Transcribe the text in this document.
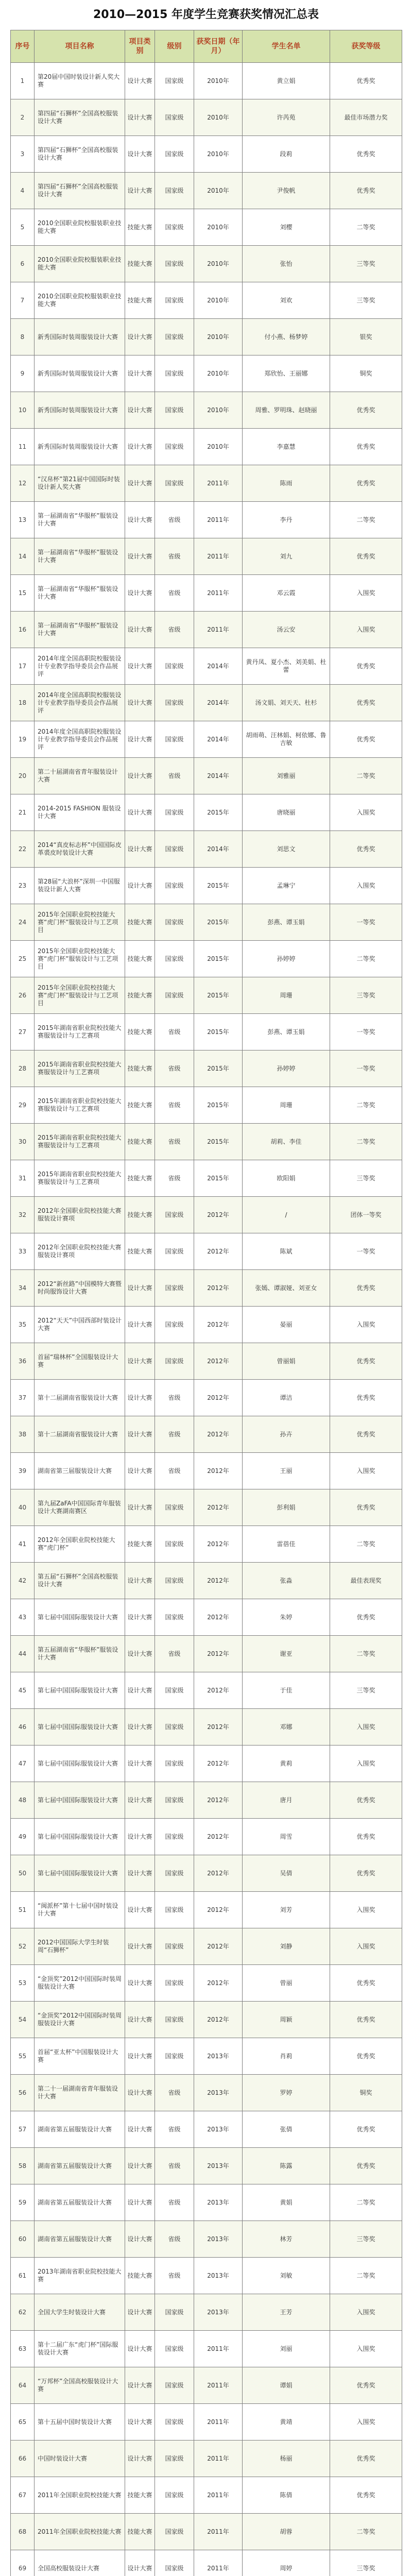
2010—2015 年度学生竞赛获奖情况汇总表
序号	项目名称	项目类别	级别	获奖日期（年月）	学生名单	获奖等级
1	第20届中国时装设计新人奖大赛	设计大赛	国家级	2010年	黄立娟	优秀奖
2	第四届“石狮杯”全国高校服装设计大赛	设计大赛	国家级	2010年	许芮苑	最佳市场潜力奖
3	第四届“石狮杯”全国高校服装设计大赛	设计大赛	国家级	2010年	段莉	优秀奖
4	第四届“石狮杯”全国高校服装设计大赛	设计大赛	国家级	2010年	尹俊帆	优秀奖
5	2010全国职业院校服装职业技能大赛	技能大赛	国家级	2010年	刘樱	二等奖
6	2010全国职业院校服装职业技能大赛	技能大赛	国家级	2010年	张怡	三等奖
7	2010全国职业院校服装职业技能大赛	技能大赛	国家级	2010年	刘欢	三等奖
8	新秀国际时装周服装设计大赛	设计大赛	国家级	2010年	付小燕、杨梦婷	银奖
9	新秀国际时装周服装设计大赛	设计大赛	国家级	2010年	郑欣怡、王丽娜	铜奖
10	新秀国际时装周服装设计大赛	设计大赛	国家级	2010年	周雅、罗明珠、赵晓丽	优秀奖
11	新秀国际时装周服装设计大赛	设计大赛	国家级	2010年	李嘉慧	优秀奖
12	“汉帛杯”第21届中国国际时装设计新人奖大赛	设计大赛	国家级	2011年	陈雨	优秀奖
13	第一届湖南省“华服杯”服装设计大赛	设计大赛	省级	2011年	李丹	二等奖
14	第一届湖南省“华服杯”服装设计大赛	设计大赛	省级	2011年	刘九	优秀奖
15	第一届湖南省“华服杯”服装设计大赛	设计大赛	省级	2011年	邓云霞	入围奖
16	第一届湖南省“华服杯”服装设计大赛	设计大赛	省级	2011年	汤云安	入围奖
17	2014年度全国高职院校服装设计专业教学指导委员会作品展评	设计大赛	国家级	2014年	黄丹凤、夏小杰、刘美娟、杜蕾	优秀奖
18	2014年度全国高职院校服装设计专业教学指导委员会作品展评	设计大赛	国家级	2014年	汤文娟、刘天天、杜杉	优秀奖
19	2014年度全国高职院校服装设计专业教学指导委员会作品展评	设计大赛	国家级	2014年	胡雨萌、汪林娟、柯依娜、鲁吉敏	优秀奖
20	第二十届湖南省青年服装设计大赛	设计大赛	省级	2014年	刘雅丽	二等奖
21	2014-2015 FASHION 服装设计大赛	设计大赛	国家级	2015年	唐晓丽	入围奖
22	2014“真皮标志杯”中国国际皮革裘皮时装设计大赛	设计大赛	国家级	2014年	刘思文	优秀奖
23	第28届“大浪杯”深圳一中国服装设计新人大赛	设计大赛	国家级	2015年	孟琳宁	入围奖
24	2015年全国职业院校技能大赛“虎门杯”服装设计与工艺项目	技能大赛	国家级	2015年	彭燕、谭玉娟	一等奖
25	2015年全国职业院校技能大赛“虎门杯”服装设计与工艺项目	技能大赛	国家级	2015年	孙婷婷	二等奖
26	2015年全国职业院校技能大赛“虎门杯”服装设计与工艺项目	技能大赛	国家级	2015年	周珊	三等奖
27	2015年湖南省职业院校技能大赛服装设计与工艺赛项	技能大赛	省级	2015年	彭燕、谭玉娟	一等奖
28	2015年湖南省职业院校技能大赛服装设计与工艺赛项	技能大赛	省级	2015年	孙婷婷	一等奖
29	2015年湖南省职业院校技能大赛服装设计与工艺赛项	技能大赛	省级	2015年	周珊	二等奖
30	2015年湖南省职业院校技能大赛服装设计与工艺赛项	技能大赛	省级	2015年	胡莉、李佳	二等奖
31	2015年湖南省职业院校技能大赛服装设计与工艺赛项	技能大赛	省级	2015年	欧阳娟	三等奖
32	2012年全国职业院校技能大赛服装设计赛项	技能大赛	国家级	2012年	/	团体一等奖
33	2012年全国职业院校技能大赛服装设计赛项	技能大赛	国家级	2012年	陈斌	一等奖
34	2012“新丝路”中国模特大赛暨时尚服饰设计大赛	设计大赛	国家级	2012年	张嫣、谭淑娅、刘亚女	优秀奖
35	2012“天天”中国西部时装设计大赛	设计大赛	国家级	2012年	晏丽	入围奖
36	首届“瑞林杯”全国服装设计大赛	设计大赛	国家级	2012年	曾丽娟	优秀奖
37	第十二届湖南省服装设计大赛	设计大赛	省级	2012年	谭洁	优秀奖
38	第十二届湖南省服装设计大赛	设计大赛	省级	2012年	孙卉	优秀奖
39	湖南省第三届服装设计大赛	设计大赛	省级	2012年	王丽	入围奖
40	第九届ZaFA中国国际青年服装设计大赛湖南赛区	设计大赛	国家级	2012年	彭利娟	优秀奖
41	2012年全国职业院校技能大赛“虎门杯”	技能大赛	国家级	2012年	雷蓓佳	二等奖
42	第五届“石狮杯”全国高校服装设计大赛	设计大赛	国家级	2012年	张淼	最佳表现奖
43	第七届中国国际服装设计大赛	设计大赛	国家级	2012年	朱婷	优秀奖
44	第五届湖南省“华服杯”服装设计大赛	设计大赛	省级	2012年	谢亚	二等奖
45	第七届中国国际服装设计大赛	设计大赛	国家级	2012年	于佳	三等奖
46	第七届中国国际服装设计大赛	设计大赛	国家级	2012年	邓娜	入围奖
47	第七届中国国际服装设计大赛	设计大赛	国家级	2012年	黄莉	入围奖
48	第七届中国国际服装设计大赛	设计大赛	国家级	2012年	唐月	优秀奖
49	第七届中国国际服装设计大赛	设计大赛	国家级	2012年	周雪	优秀奖
50	第七届中国国际服装设计大赛	设计大赛	国家级	2012年	吴倩	优秀奖
51	“闽派杯”第十七届中国时装设计大赛	设计大赛	国家级	2012年	刘芳	入围奖
52	2012中国国际大学生时装周“石狮杯”	设计大赛	国家级	2012年	刘静	入围奖
53	“金顶奖”2012中国国际时装周服装设计大赛	设计大赛	国家级	2012年	曾丽	优秀奖
54	“金顶奖”2012中国国际时装周服装设计大赛	设计大赛	国家级	2012年	周颖	优秀奖
55	首届“亚太杯”中国服装设计大赛	设计大赛	国家级	2013年	肖莉	优秀奖
56	第二十一届湖南省青年服装设计大赛	设计大赛	省级	2013年	罗婷	铜奖
57	湖南省第五届服装设计大赛	设计大赛	省级	2013年	张倩	优秀奖
58	湖南省第五届服装设计大赛	设计大赛	省级	2013年	陈露	优秀奖
59	湖南省第五届服装设计大赛	设计大赛	省级	2013年	黄娟	二等奖
60	湖南省第五届服装设计大赛	设计大赛	省级	2013年	林芳	三等奖
61	2013年湖南省职业院校技能大赛	技能大赛	省级	2013年	刘敏	二等奖
62	全国大学生时装设计大赛	设计大赛	国家级	2013年	王芳	入围奖
63	第十二届广东“虎门杯”国际服装设计大赛	设计大赛	国家级	2011年	刘丽	入围奖
64	“万邦杯”全国高校服装设计大赛	设计大赛	国家级	2011年	谭娟	优秀奖
65	第十五届中国时装设计大赛	设计大赛	国家级	2011年	黄靖	入围奖
66	中国时装设计大赛	设计大赛	国家级	2011年	杨丽	优秀奖
67	2011年全国职业院校技能大赛	技能大赛	国家级	2011年	陈倩	优秀奖
68	2011年全国职业院校技能大赛	技能大赛	国家级	2011年	胡蓉	二等奖
69	全国高校服装设计大赛	设计大赛	国家级	2011年	周婷	三等奖
